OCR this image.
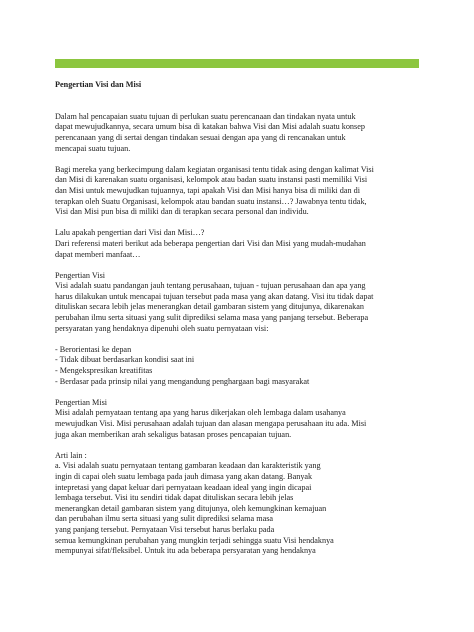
Pengertian Visi dan Misi
Dalam hal pencapaian suatu tujuan di perlukan suatu perencanaan dan tindakan nyata untuk
dapat mewujudkannya, secara umum bisa di katakan bahwa Visi dan Misi adalah suatu konsep
perencanaan yang di sertai dengan tindakan sesuai dengan apa yang di rencanakan untuk
mencapai suatu tujuan.
Bagi mereka yang berkecimpung dalam kegiatan organisasi tentu tidak asing dengan kalimat Visi
dan Misi di karenakan suatu organisasi, kelompok atau badan suatu instansi pasti memiliki Visi
dan Misi untuk mewujudkan tujuannya, tapi apakah Visi dan Misi hanya bisa di miliki dan di
terapkan oleh Suatu Organisasi, kelompok atau bandan suatu instansi…? Jawabnya tentu tidak,
Visi dan Misi pun bisa di miliki dan di terapkan secara personal dan individu.
Lalu apakah pengertian dari Visi dan Misi…?
Dari referensi materi berikut ada beberapa pengertian dari Visi dan Misi yang mudah-mudahan
dapat memberi manfaat…
Pengertian Visi
Visi adalah suatu pandangan jauh tentang perusahaan, tujuan - tujuan perusahaan dan apa yang
harus dilakukan untuk mencapai tujuan tersebut pada masa yang akan datang. Visi itu tidak dapat
dituliskan secara lebih jelas menerangkan detail gambaran sistem yang ditujunya, dikarenakan
perubahan ilmu serta situasi yang sulit diprediksi selama masa yang panjang tersebut. Beberapa
persyaratan yang hendaknya dipenuhi oleh suatu pernyataan visi:
- Berorientasi ke depan
- Tidak dibuat berdasarkan kondisi saat ini
- Mengekspresikan kreatifitas
- Berdasar pada prinsip nilai yang mengandung penghargaan bagi masyarakat
Pengertian Misi
Misi adalah pernyataan tentang apa yang harus dikerjakan oleh lembaga dalam usahanya
mewujudkan Visi. Misi perusahaan adalah tujuan dan alasan mengapa perusahaan itu ada. Misi
juga akan memberikan arah sekaligus batasan proses pencapaian tujuan.
Arti lain :
a. Visi adalah suatu pernyataan tentang gambaran keadaan dan karakteristik yang
ingin di capai oleh suatu lembaga pada jauh dimasa yang akan datang. Banyak
intepretasi yang dapat keluar dari pernyataan keadaan ideal yang ingin dicapai
lembaga tersebut. Visi itu sendiri tidak dapat dituliskan secara lebih jelas
menerangkan detail gambaran sistem yang ditujunya, oleh kemungkinan kemajuan
dan perubahan ilmu serta situasi yang sulit diprediksi selama masa
yang panjang tersebut. Pernyataan Visi tersebut harus berlaku pada
semua kemungkinan perubahan yang mungkin terjadi sehingga suatu Visi hendaknya
mempunyai sifat/fleksibel. Untuk itu ada beberapa persyaratan yang hendaknya
